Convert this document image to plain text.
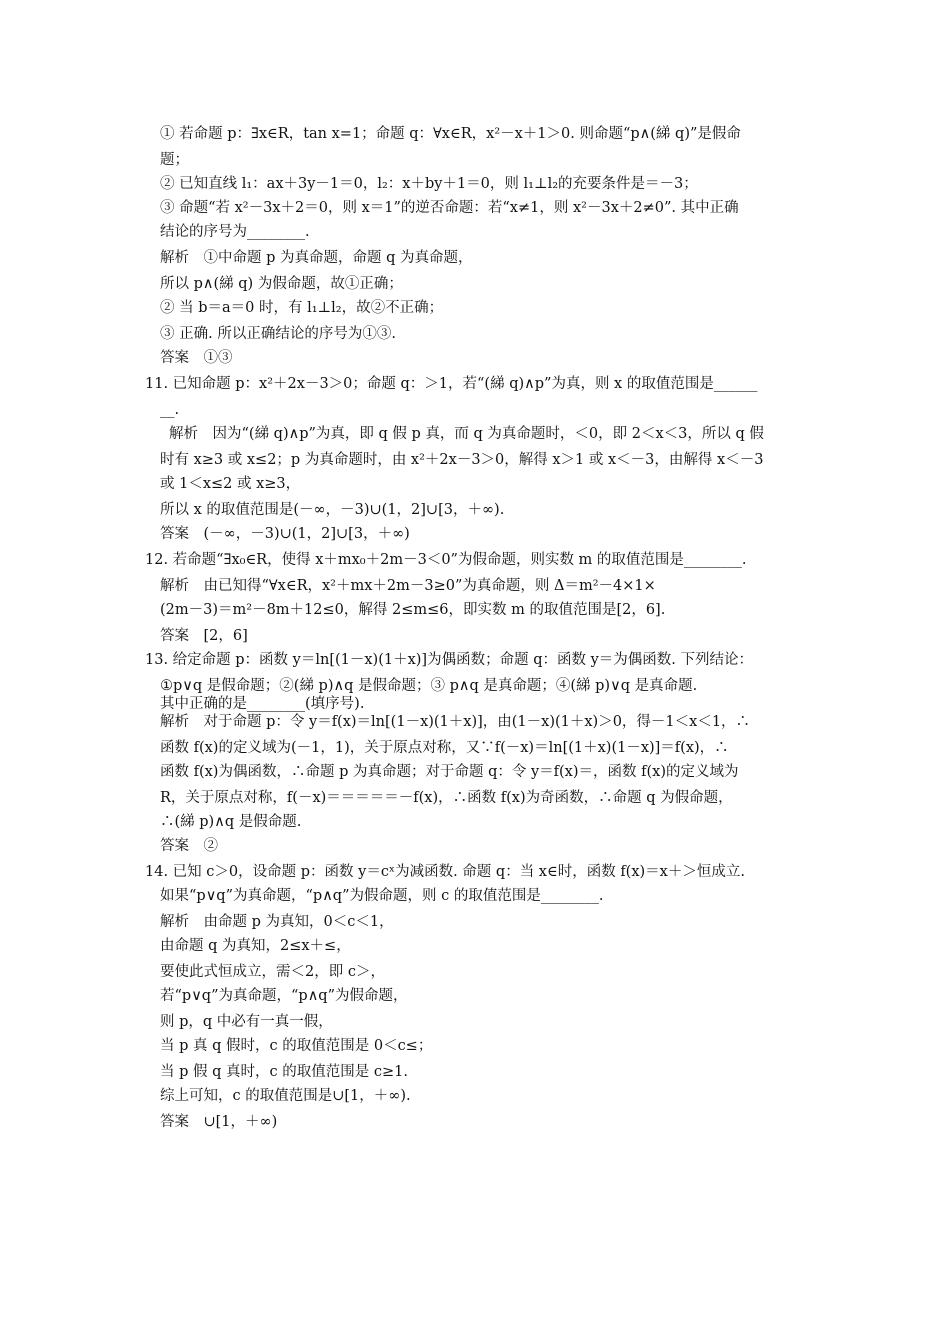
① 若命题 p：∃x∈R，tan x=1；命题 q：∀x∈R，x²－x＋1＞0. 则命题“p∧(綈 q)”是假命
题；
② 已知直线 l₁：ax＋3y－1＝0，l₂：x＋by＋1＝0，则 l₁⊥l₂的充要条件是＝－3；
③ 命题“若 x²－3x＋2＝0，则 x＝1”的逆否命题：若“x≠1，则 x²－3x＋2≠0”. 其中正确
结论的序号为________.
解析　①中命题 p 为真命题，命题 q 为真命题，
所以 p∧(綈 q) 为假命题，故①正确；
② 当 b＝a＝0 时，有 l₁⊥l₂，故②不正确；
③ 正确. 所以正确结论的序号为①③.
答案　①③
11. 已知命题 p：x²＋2x－3＞0；命题 q：＞1，若“(綈 q)∧p”为真，则 x 的取值范围是______
__.
解析　因为“(綈 q)∧p”为真，即 q 假 p 真，而 q 为真命题时，＜0，即 2＜x＜3，所以 q 假
时有 x≥3 或 x≤2；p 为真命题时，由 x²＋2x－3＞0，解得 x＞1 或 x＜－3，由解得 x＜－3
或 1＜x≤2 或 x≥3，
所以 x 的取值范围是(－∞，－3)∪(1，2]∪[3，＋∞).
答案　(－∞，－3)∪(1，2]∪[3，＋∞)
12. 若命题“∃x₀∈R，使得 x＋mx₀＋2m－3＜0”为假命题，则实数 m 的取值范围是________.
解析　由已知得“∀x∈R，x²＋mx＋2m－3≥0”为真命题，则 Δ＝m²－4×1×
(2m－3)＝m²－8m＋12≤0，解得 2≤m≤6，即实数 m 的取值范围是[2，6].
答案　[2，6]
13. 给定命题 p：函数 y＝ln[(1－x)(1＋x)]为偶函数；命题 q：函数 y＝为偶函数. 下列结论：
①p∨q 是假命题；②(綈 p)∧q 是假命题；③ p∧q 是真命题；④(綈 p)∨q 是真命题.
其中正确的是________(填序号).
解析　对于命题 p：令 y＝f(x)＝ln[(1－x)(1＋x)]，由(1－x)(1＋x)＞0，得－1＜x＜1，∴
函数 f(x)的定义域为(－1，1)，关于原点对称，又∵f(－x)＝ln[(1＋x)(1－x)]＝f(x)，∴
函数 f(x)为偶函数，∴命题 p 为真命题；对于命题 q：令 y＝f(x)＝，函数 f(x)的定义域为
R，关于原点对称，f(－x)＝＝＝＝＝－f(x)，∴函数 f(x)为奇函数，∴命题 q 为假命题，
∴(綈 p)∧q 是假命题.
答案　②
14. 已知 c＞0，设命题 p：函数 y＝cˣ为减函数. 命题 q：当 x∈时，函数 f(x)＝x＋＞恒成立.
如果“p∨q”为真命题，“p∧q”为假命题，则 c 的取值范围是________.
解析　由命题 p 为真知，0＜c＜1，
由命题 q 为真知，2≤x＋≤，
要使此式恒成立，需＜2，即 c＞，
若“p∨q”为真命题，“p∧q”为假命题，
则 p，q 中必有一真一假，
当 p 真 q 假时，c 的取值范围是 0＜c≤；
当 p 假 q 真时，c 的取值范围是 c≥1.
综上可知，c 的取值范围是∪[1，＋∞).
答案　∪[1，＋∞)
